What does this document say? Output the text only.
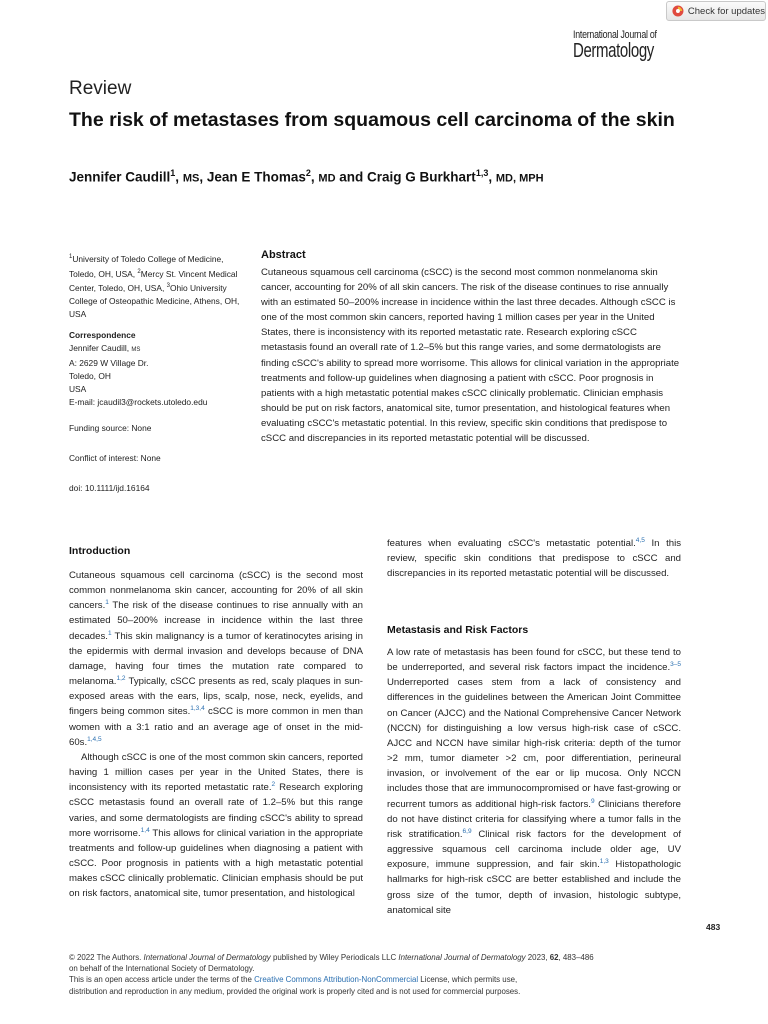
Check for updates
International Journal of
Dermatology
Review
The risk of metastases from squamous cell carcinoma of the skin
Jennifer Caudill$^1$, MS, Jean E Thomas$^2$, MD and Craig G Burkhart$^{1,3}$, MD, MPH
$^1$University of Toledo College of Medicine, Toledo, OH, USA, $^2$Mercy St. Vincent Medical Center, Toledo, OH, USA, $^3$Ohio University College of Osteopathic Medicine, Athens, OH, USA
Correspondence
Jennifer Caudill, MS
A: 2629 W Village Dr.
Toledo, OH
USA
E-mail: jcaudil3@rockets.utoledo.edu
Funding source: None
Conflict of interest: None
doi: 10.1111/ijd.16164
Abstract
Cutaneous squamous cell carcinoma (cSCC) is the second most common nonmelanoma skin cancer, accounting for 20% of all skin cancers. The risk of the disease continues to rise annually with an estimated 50–200% increase in incidence within the last three decades. Although cSCC is one of the most common skin cancers, reported having 1 million cases per year in the United States, there is inconsistency with its reported metastatic rate. Research exploring cSCC metastasis found an overall rate of 1.2–5% but this range varies, and some dermatologists are finding cSCC's ability to spread more worrisome. This allows for clinical variation in the appropriate treatments and follow-up guidelines when diagnosing a patient with cSCC. Poor prognosis in patients with a high metastatic potential makes cSCC clinically problematic. Clinician emphasis should be put on risk factors, anatomical site, tumor presentation, and histological features when evaluating cSCC's metastatic potential. In this review, specific skin conditions that predispose to cSCC and discrepancies in its reported metastatic potential will be discussed.
Introduction

Cutaneous squamous cell carcinoma (cSCC) is the second most common nonmelanoma skin cancer, accounting for 20% of all skin cancers.$^1$ The risk of the disease continues to rise annually with an estimated 50–200% increase in incidence within the last three decades.$^1$ This skin malignancy is a tumor of keratinocytes arising in the epidermis with dermal invasion and develops because of DNA damage, having four times the mutation rate compared to melanoma.$^{1,2}$ Typically, cSCC presents as red, scaly plaques in sun-exposed areas with the ears, lips, scalp, nose, neck, eyelids, and fingers being common sites.$^{1,3,4}$ cSCC is more common in men than women with a 3:1 ratio and an average age of onset in the mid-60s.$^{1,4,5}$

Although cSCC is one of the most common skin cancers, reported having 1 million cases per year in the United States, there is inconsistency with its reported metastatic rate.$^2$ Research exploring cSCC metastasis found an overall rate of 1.2–5% but this range varies, and some dermatologists are finding cSCC's ability to spread more worrisome.$^{1,4}$ This allows for clinical variation in the appropriate treatments and follow-up guidelines when diagnosing a patient with cSCC. Poor prognosis in patients with a high metastatic potential makes cSCC clinically problematic. Clinician emphasis should be put on risk factors, anatomical site, tumor presentation, and histological

features when evaluating cSCC's metastatic potential.$^{4,5}$ In this review, specific skin conditions that predispose to cSCC and discrepancies in its reported metastatic potential will be discussed.

Metastasis and Risk Factors

A low rate of metastasis has been found for cSCC, but these tend to be underreported, and several risk factors impact the incidence.$^{3-5}$ Underreported cases stem from a lack of consistency and differences in the guidelines between the American Joint Committee on Cancer (AJCC) and the National Comprehensive Cancer Network (NCCN) for distinguishing a low versus high-risk case of cSCC. AJCC and NCCN have similar high-risk criteria: depth of the tumor >2 mm, tumor diameter >2 cm, poor differentiation, perineural invasion, or involvement of the ear or lip mucosa. Only NCCN includes those that are immunocompromised or have fast-growing or recurrent tumors as additional high-risk factors.$^9$ Clinicians therefore do not have distinct criteria for classifying where a tumor falls in the risk stratification.$^{6,9}$ Clinical risk factors for the development of aggressive squamous cell carcinoma include older age, UV exposure, immune suppression, and fair skin.$^{1,3}$ Histopathologic hallmarks for high-risk cSCC are better established and include the gross size of the tumor, depth of invasion, histologic subtype, anatomical site

483
© 2022 The Authors. International Journal of Dermatology published by Wiley Periodicals LLC International Journal of Dermatology 2023, 62, 483–486
on behalf of the International Society of Dermatology.
This is an open access article under the terms of the Creative Commons Attribution-NonCommercial License, which permits use,
distribution and reproduction in any medium, provided the original work is properly cited and is not used for commercial purposes.
